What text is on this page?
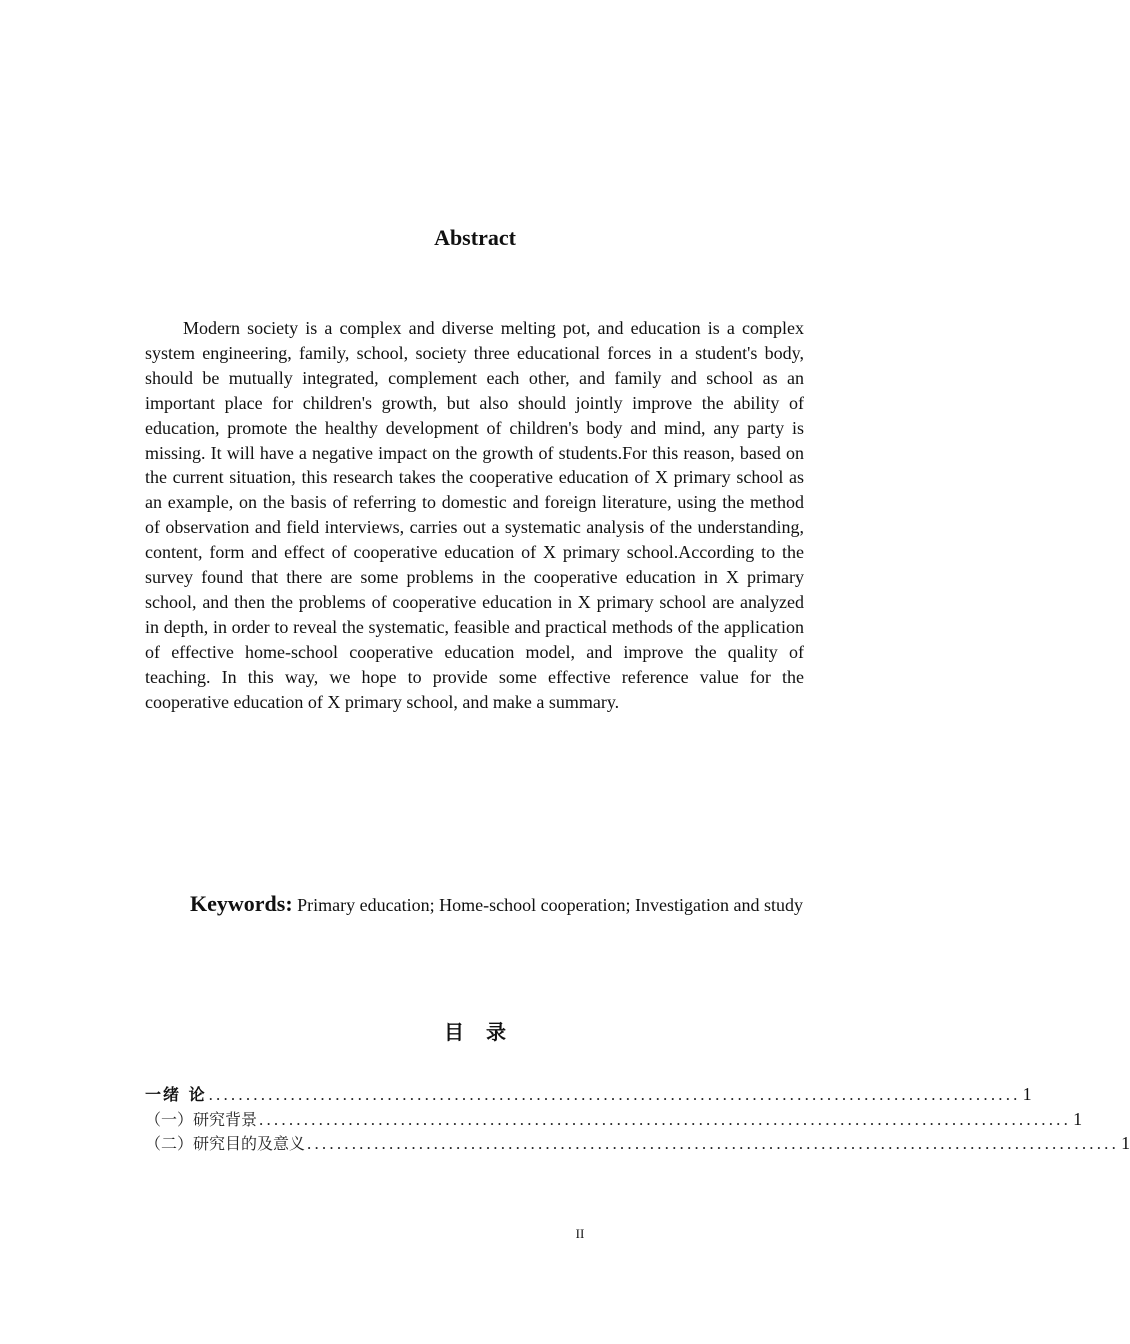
Abstract

Modern society is a complex and diverse melting pot, and education is a complex system engineering, family, school, society three educational forces in a student's body, should be mutually integrated, complement each other, and family and school as an important place for children's growth, but also should jointly improve the ability of education, promote the healthy development of children's body and mind, any party is missing. It will have a negative impact on the growth of students.For this reason, based on the current situation, this research takes the cooperative education of X primary school as an example, on the basis of referring to domestic and foreign literature, using the method of observation and field interviews, carries out a systematic analysis of the understanding, content, form and effect of cooperative education of X primary school.According to the survey found that there are some problems in the cooperative education in X primary school, and then the problems of cooperative education in X primary school are analyzed in depth, in order to reveal the systematic, feasible and practical methods of the application of effective home-school cooperative education model, and improve the quality of teaching. In this way, we hope to provide some effective reference value for the cooperative education of X primary school, and make a summary.

Keywords: Primary education; Home-school cooperation; Investigation and study

目录
一绪 论 ............................................................................................................. 1
（一）研究背景 ............................................................................................................. 1
（二）研究目的及意义 ............................................................................................................. 1
II
